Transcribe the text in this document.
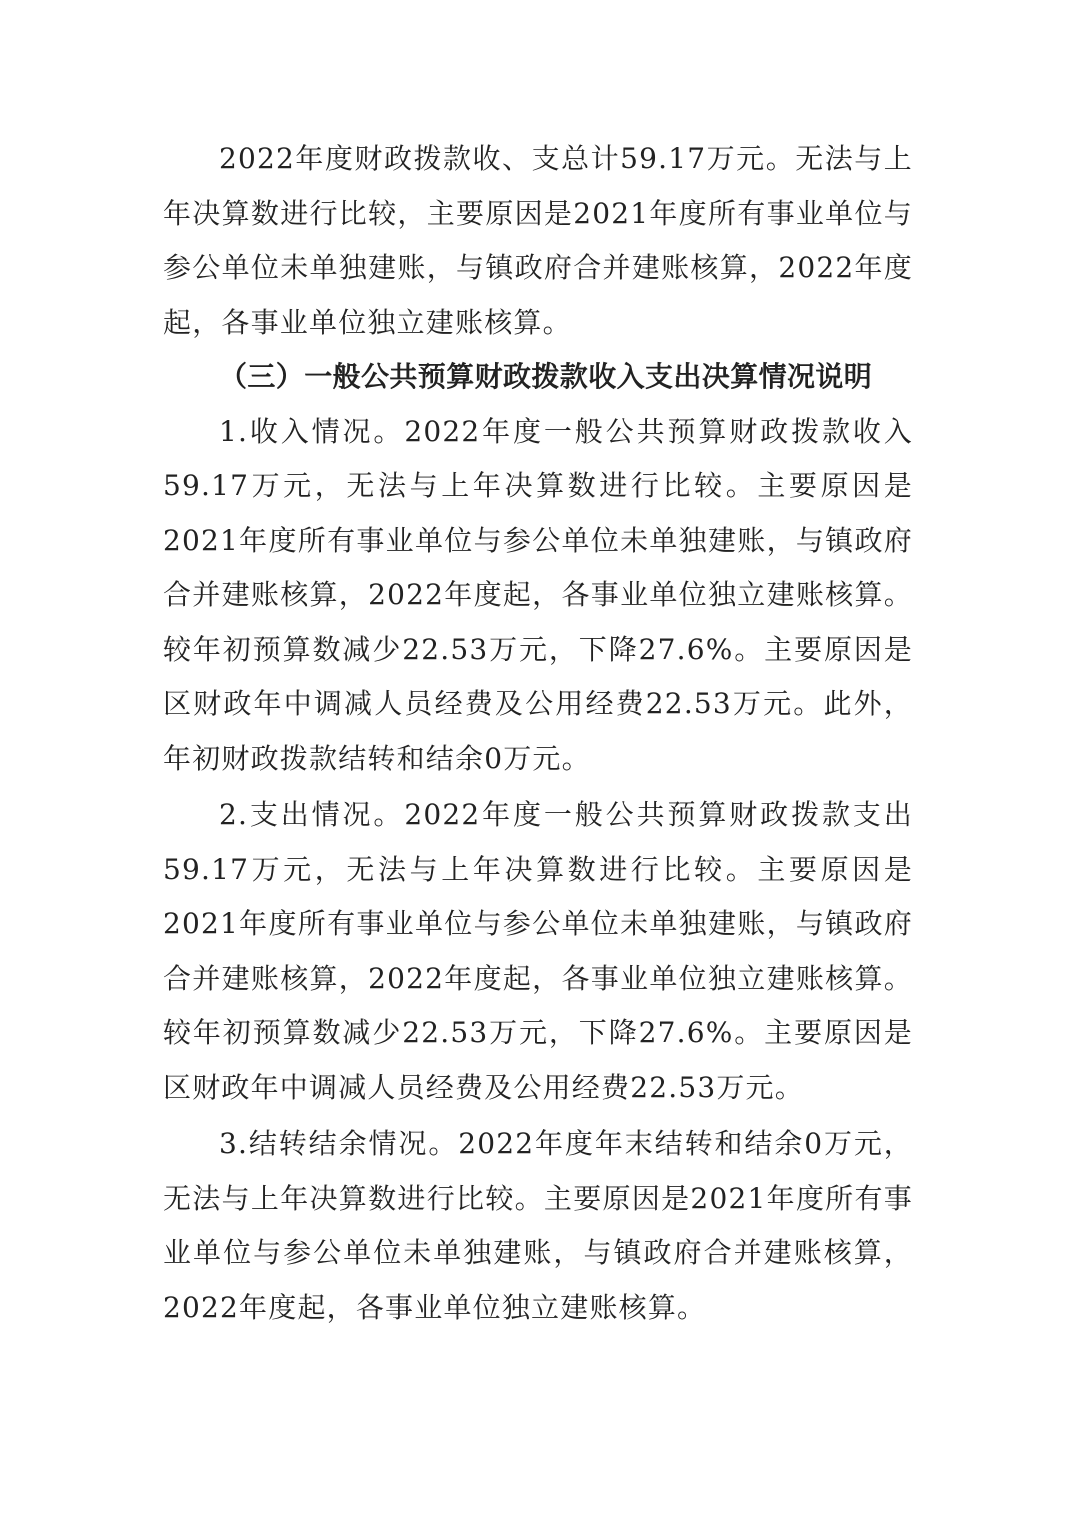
2022年度财政拨款收、支总计59.17万元。无法与上年决算数进行比较，主要原因是2021年度所有事业单位与参公单位未单独建账，与镇政府合并建账核算，2022年度起，各事业单位独立建账核算。

（三）一般公共预算财政拨款收入支出决算情况说明

1.收入情况。2022年度一般公共预算财政拨款收入59.17万元，无法与上年决算数进行比较。主要原因是2021年度所有事业单位与参公单位未单独建账，与镇政府合并建账核算，2022年度起，各事业单位独立建账核算。较年初预算数减少22.53万元，下降27.6%。主要原因是区财政年中调减人员经费及公用经费22.53万元。此外，年初财政拨款结转和结余0万元。

2.支出情况。2022年度一般公共预算财政拨款支出59.17万元，无法与上年决算数进行比较。主要原因是2021年度所有事业单位与参公单位未单独建账，与镇政府合并建账核算，2022年度起，各事业单位独立建账核算。较年初预算数减少22.53万元，下降27.6%。主要原因是区财政年中调减人员经费及公用经费22.53万元。

3.结转结余情况。2022年度年末结转和结余0万元，无法与上年决算数进行比较。主要原因是2021年度所有事业单位与参公单位未单独建账，与镇政府合并建账核算，2022年度起，各事业单位独立建账核算。
